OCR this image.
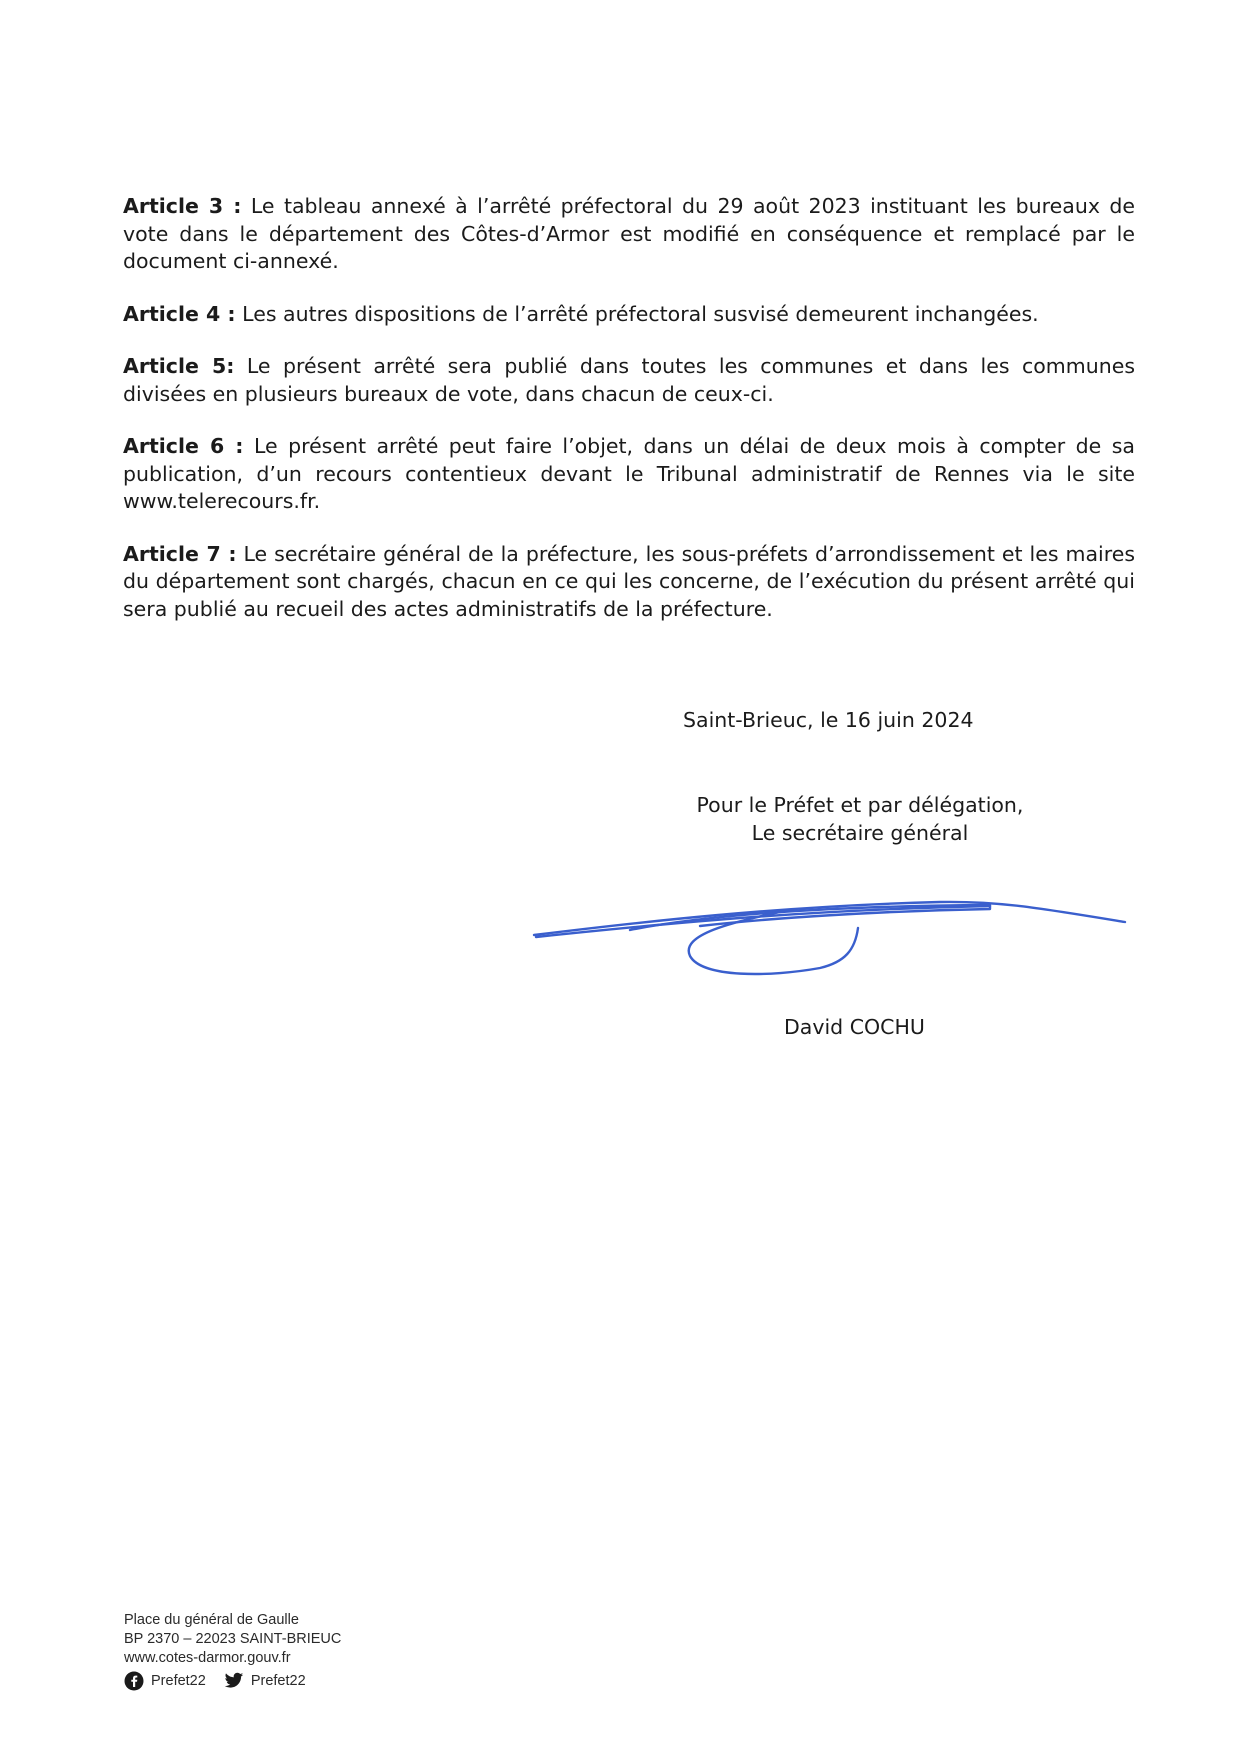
Article 3 : Le tableau annexé à l’arrêté préfectoral du 29 août 2023 instituant les bureaux de vote dans le département des Côtes-d’Armor est modifié en conséquence et remplacé par le document ci-annexé.

Article 4 : Les autres dispositions de l’arrêté préfectoral susvisé demeurent inchangées.

Article 5: Le présent arrêté sera publié dans toutes les communes et dans les communes divisées en plusieurs bureaux de vote, dans chacun de ceux-ci.

Article 6 : Le présent arrêté peut faire l’objet, dans un délai de deux mois à compter de sa publication, d’un recours contentieux devant le Tribunal administratif de Rennes via le site www.telerecours.fr.

Article 7 : Le secrétaire général de la préfecture, les sous-préfets d’arrondissement et les maires du département sont chargés, chacun en ce qui les concerne, de l’exécution du présent arrêté qui sera publié au recueil des actes administratifs de la préfecture.

Saint-Brieuc, le 16 juin 2024
Pour le Préfet et par délégation,
Le secrétaire général
David COCHU
Place du général de Gaulle
BP 2370 – 22023 SAINT-BRIEUC
www.cotes-darmor.gouv.fr
Prefet22	Prefet22
